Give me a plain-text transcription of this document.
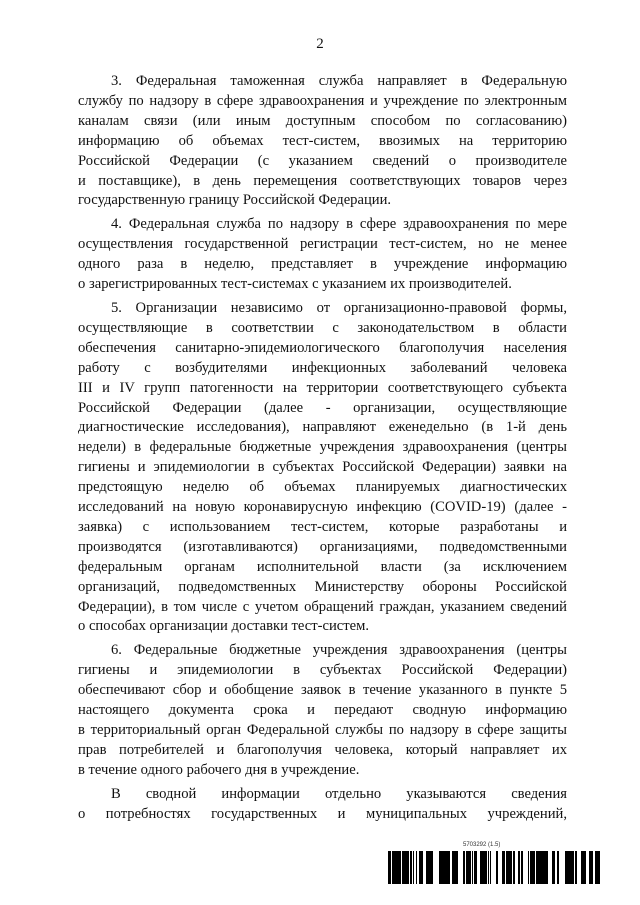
2
3. Федеральная таможенная служба направляет в Федеральную
службу по надзору в сфере здравоохранения и учреждение по электронным
каналам связи (или иным доступным способом по согласованию)
информацию об объемах тест-систем, ввозимых на территорию
Российской Федерации (с указанием сведений о производителе
и поставщике), в день перемещения соответствующих товаров через
государственную границу Российской Федерации.
4. Федеральная служба по надзору в сфере здравоохранения по мере
осуществления государственной регистрации тест-систем, но не менее
одного раза в неделю, представляет в учреждение информацию
о зарегистрированных тест-системах с указанием их производителей.
5. Организации независимо от организационно-правовой формы,
осуществляющие в соответствии с законодательством в области
обеспечения санитарно-эпидемиологического благополучия населения
работу с возбудителями инфекционных заболеваний человека
III и IV групп патогенности на территории соответствующего субъекта
Российской Федерации (далее - организации, осуществляющие
диагностические исследования), направляют еженедельно (в 1-й день
недели) в федеральные бюджетные учреждения здравоохранения (центры
гигиены и эпидемиологии в субъектах Российской Федерации) заявки на
предстоящую неделю об объемах планируемых диагностических
исследований на новую коронавирусную инфекцию (COVID-19) (далее -
заявка) с использованием тест-систем, которые разработаны и
производятся (изготавливаются) организациями, подведомственными
федеральным органам исполнительной власти (за исключением
организаций, подведомственных Министерству обороны Российской
Федерации), в том числе с учетом обращений граждан, указанием сведений
о способах организации доставки тест-систем.
6. Федеральные бюджетные учреждения здравоохранения (центры
гигиены и эпидемиологии в субъектах Российской Федерации)
обеспечивают сбор и обобщение заявок в течение указанного в пункте 5
настоящего документа срока и передают сводную информацию
в территориальный орган Федеральной службы по надзору в сфере защиты
прав потребителей и благополучия человека, который направляет их
в течение одного рабочего дня в учреждение.
В сводной информации отдельно указываются сведения
о потребностях государственных и муниципальных учреждений,
5703292 (1.5)
